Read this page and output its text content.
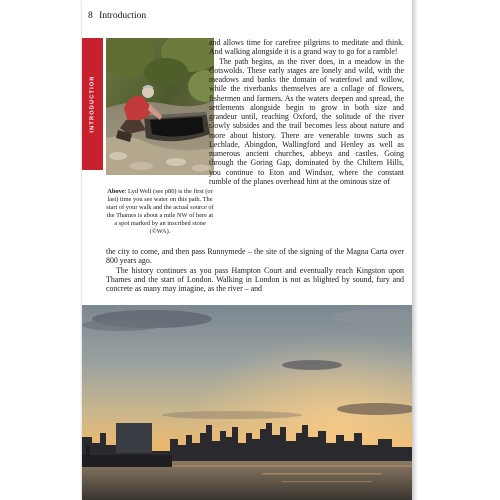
8 Introduction
INTRODUCTION
Above: Lyd Well (see p80) is the first (or last) time you see water on this path. The start of your walk and the actual source of the Thames is about a mile NW of here at a spot marked by an inscribed stone (©WA).

and allows time for carefree pilgrims to meditate and think. And walking alongside it is a grand way to go for a ramble!

The path begins, as the river does, in a meadow in the Cotswolds. These early stages are lonely and wild, with the meadows and banks the domain of waterfowl and willow, while the riverbanks themselves are a collage of flowers, fishermen and farmers. As the waters deepen and spread, the settlements alongside begin to grow in both size and grandeur until, reaching Oxford, the solitude of the river slowly subsides and the trail becomes less about nature and more about history. There are venerable towns such as Lechlade, Abingdon, Wallingford and Henley as well as numerous ancient churches, abbeys and castles. Going through the Goring Gap, dominated by the Chiltern Hills, you continue to Eton and Windsor, where the constant rumble of the planes overhead hint at the ominous size of

the city to come, and then pass Runnymede – the site of the signing of the Magna Carta over 800 years ago.

The history continues as you pass Hampton Court and eventually reach Kingston upon Thames and the start of London. Walking in London is not as blighted by sound, fury and concrete as many may imagine, as the river – and
